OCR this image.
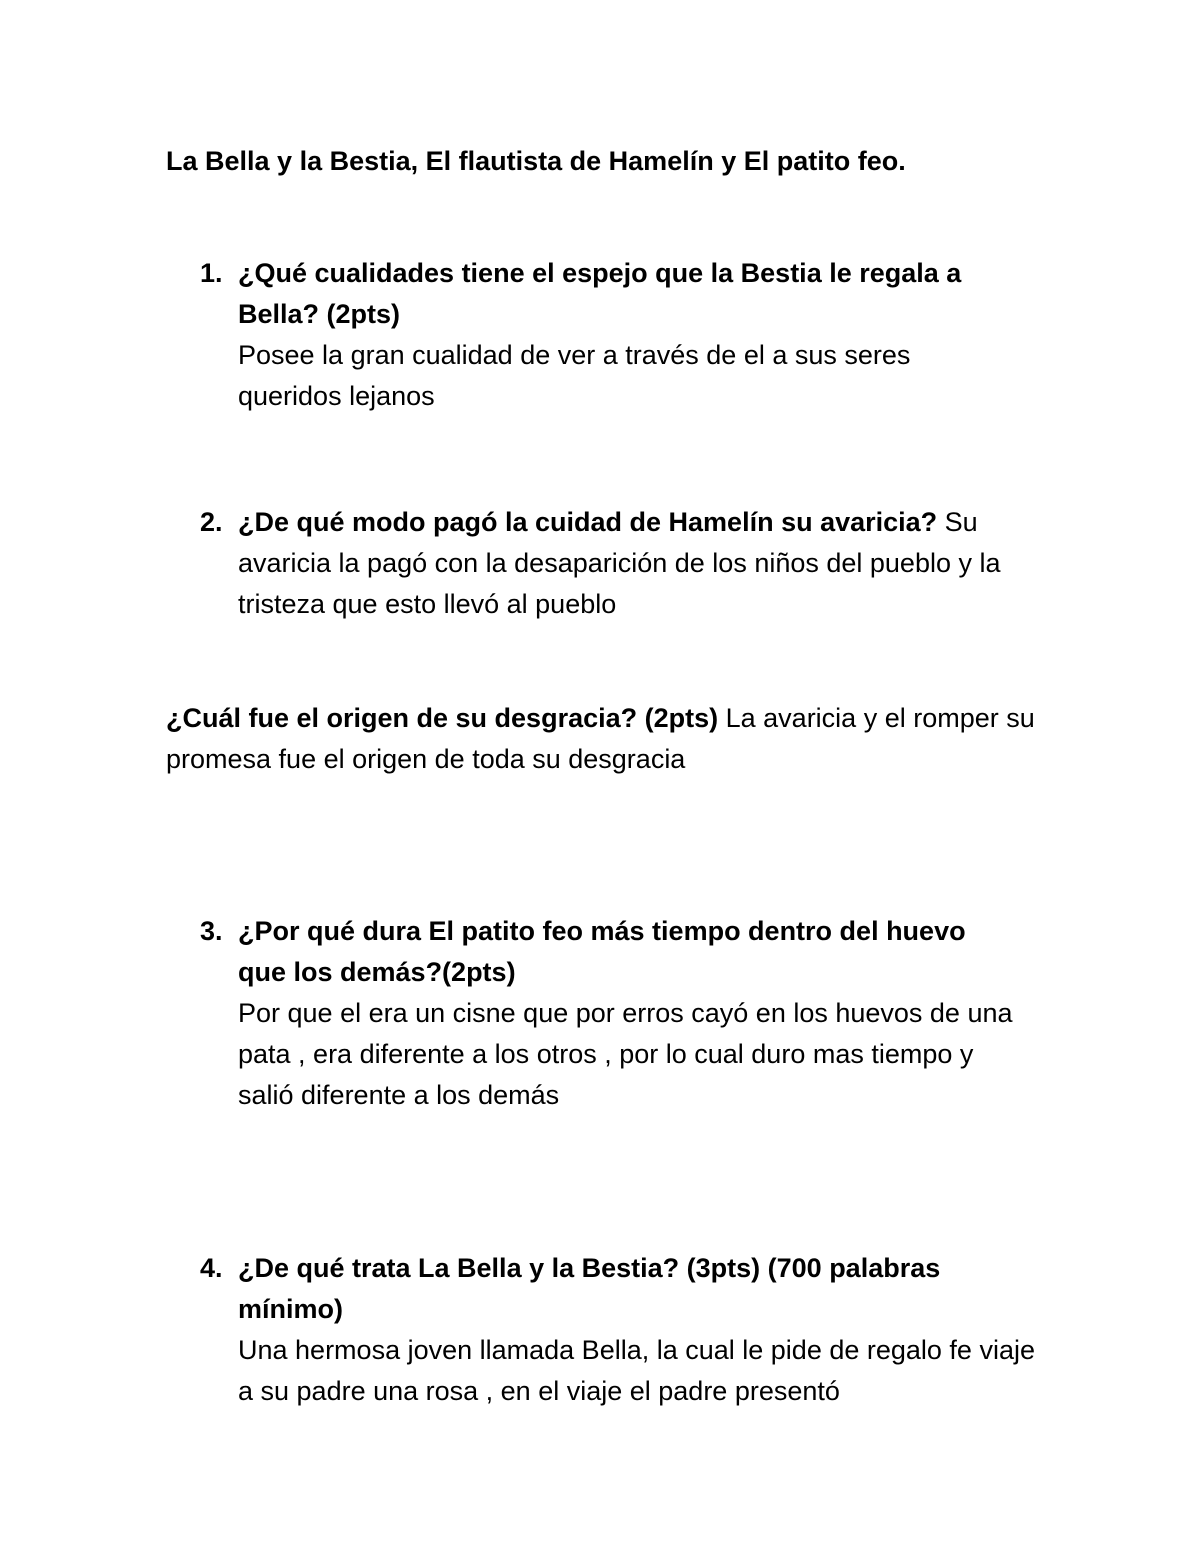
La Bella y la Bestia, El flautista de Hamelín y El patito feo.
1. ¿Qué cualidades tiene el espejo que la Bestia le regala a Bella? (2pts)
Posee la gran cualidad de ver a través de el a sus seres queridos lejanos
2. ¿De qué modo pagó la cuidad de Hamelín su avaricia? Su avaricia la pagó con la desaparición de los niños del pueblo y la tristeza que esto llevó al pueblo
¿Cuál fue el origen de su desgracia? (2pts) La avaricia y el romper su promesa fue el origen de toda su desgracia
3. ¿Por qué dura El patito feo más tiempo dentro del huevo que los demás?(2pts)
Por que el era un cisne que por erros cayó en los huevos de una pata , era diferente a los otros , por lo cual duro mas tiempo y salió diferente a los demás
4. ¿De qué trata La Bella y la Bestia? (3pts) (700 palabras mínimo)
Una hermosa joven llamada Bella, la cual le pide de regalo fe viaje a su padre una rosa , en el viaje el padre presentó
